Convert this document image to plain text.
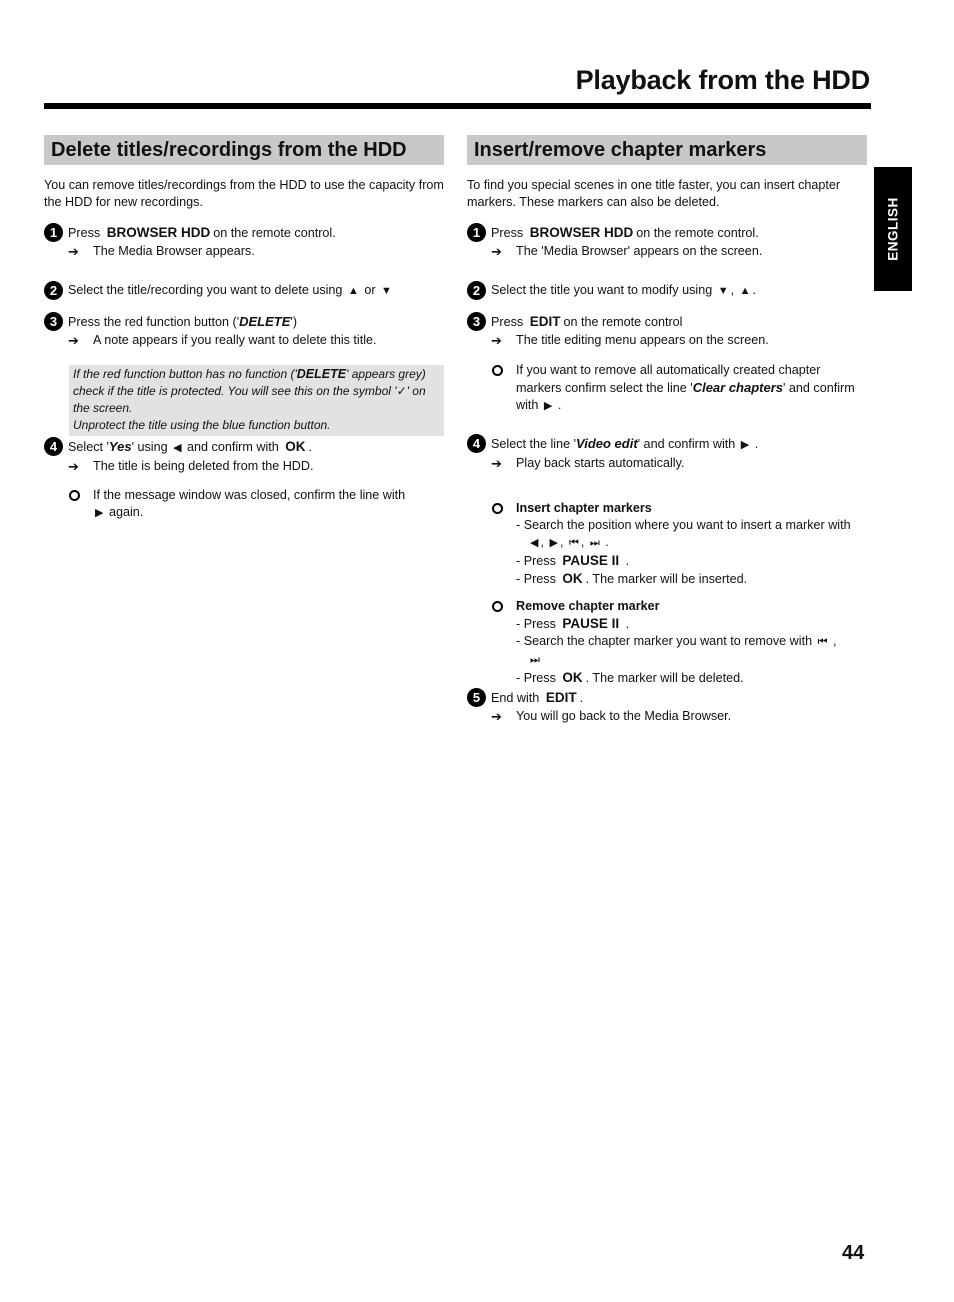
Playback from the HDD
ENGLISH
Delete titles/recordings from the HDD
You can remove titles/recordings from the HDD to use the capacity from the HDD for new recordings.
1 Press BROWSER HDD on the remote control.
➔ The Media Browser appears.
2 Select the title/recording you want to delete using ▲ or ▼
3 Press the red function button ('DELETE')
➔ A note appears if you really want to delete this title.
If the red function button has no function ('DELETE' appears grey) check if the title is protected. You will see this on the symbol '✓' on the screen.
Unprotect the title using the blue function button.
4 Select 'Yes' using ◀ and confirm with OK .
➔ The title is being deleted from the HDD.
If the message window was closed, confirm the line with
▶ again.
Insert/remove chapter markers
To find you special scenes in one title faster, you can insert chapter markers. These markers can also be deleted.
1 Press BROWSER HDD on the remote control.
➔ The 'Media Browser' appears on the screen.
2 Select the title you want to modify using ▼ , ▲ .
3 Press EDIT on the remote control
➔ The title editing menu appears on the screen.
If you want to remove all automatically created chapter markers confirm select the line 'Clear chapters' and confirm with ▶ .
4 Select the line 'Video edit' and confirm with ▶ .
➔ Play back starts automatically.
Insert chapter markers
- Search the position where you want to insert a marker with
◀ , ▶ , ⏮ , ⏭ .
- Press PAUSE II .
- Press OK . The marker will be inserted.
Remove chapter marker
- Press PAUSE II .
- Search the chapter marker you want to remove with ⏮ ,
⏭
- Press OK . The marker will be deleted.
5 End with EDIT .
➔ You will go back to the Media Browser.
44
